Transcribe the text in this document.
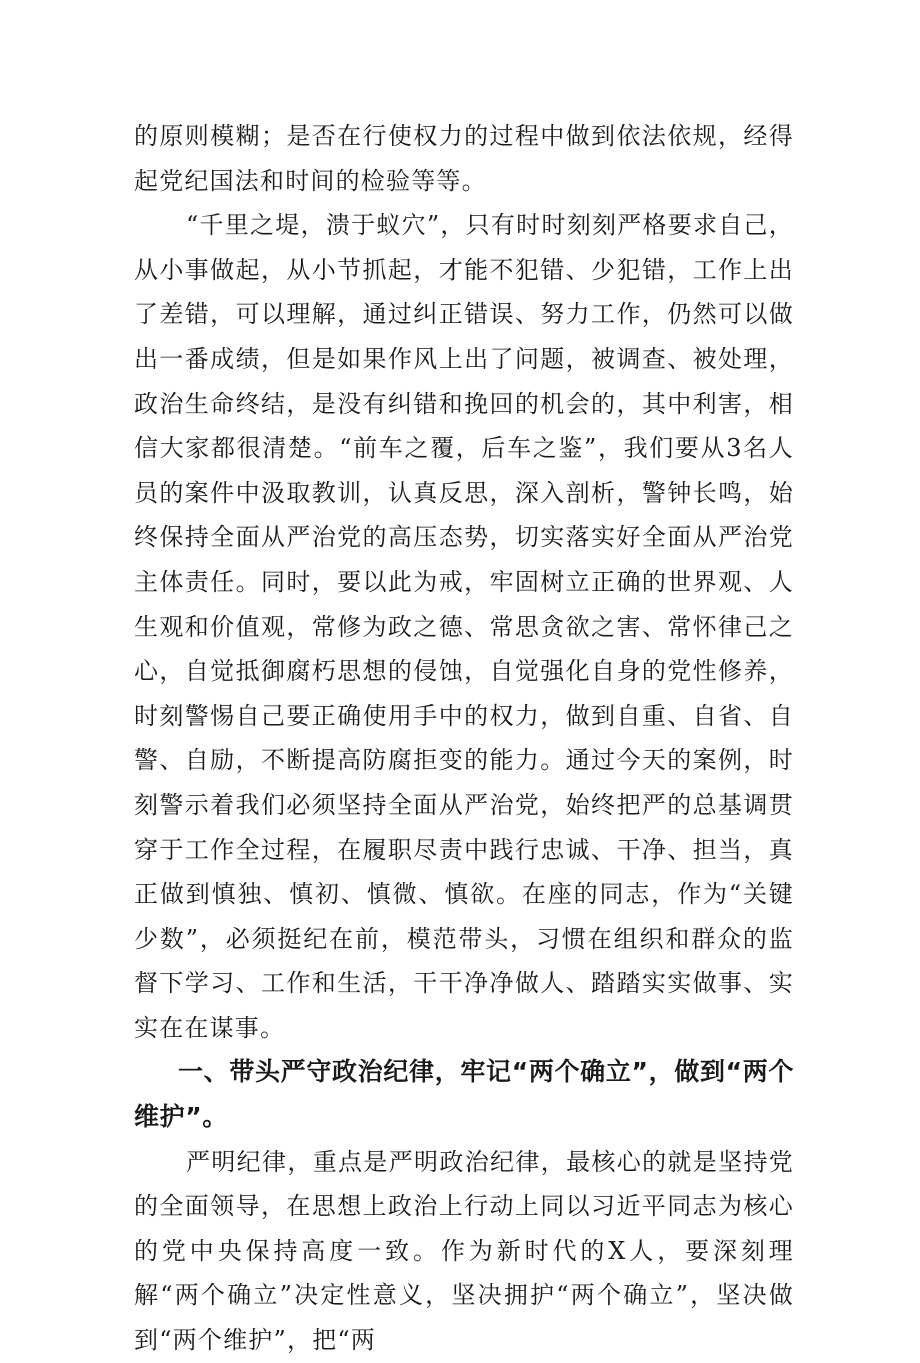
的原则模糊；是否在行使权力的过程中做到依法依规，经得起党纪国法和时间的检验等等。

“千里之堤，溃于蚁穴”，只有时时刻刻严格要求自己，从小事做起，从小节抓起，才能不犯错、少犯错，工作上出了差错，可以理解，通过纠正错误、努力工作，仍然可以做出一番成绩，但是如果作风上出了问题，被调查、被处理，政治生命终结，是没有纠错和挽回的机会的，其中利害，相信大家都很清楚。“前车之覆，后车之鉴”，我们要从3名人员的案件中汲取教训，认真反思，深入剖析，警钟长鸣，始终保持全面从严治党的高压态势，切实落实好全面从严治党主体责任。同时，要以此为戒，牢固树立正确的世界观、人生观和价值观，常修为政之德、常思贪欲之害、常怀律己之心，自觉抵御腐朽思想的侵蚀，自觉强化自身的党性修养，时刻警惕自己要正确使用手中的权力，做到自重、自省、自警、自励，不断提高防腐拒变的能力。通过今天的案例，时刻警示着我们必须坚持全面从严治党，始终把严的总基调贯穿于工作全过程，在履职尽责中践行忠诚、干净、担当，真正做到慎独、慎初、慎微、慎欲。在座的同志，作为“关键少数”，必须挺纪在前，模范带头，习惯在组织和群众的监督下学习、工作和生活，干干净净做人、踏踏实实做事、实实在在谋事。

一、带头严守政治纪律，牢记“两个确立”，做到“两个维护”。

严明纪律，重点是严明政治纪律，最核心的就是坚持党的全面领导，在思想上政治上行动上同以习近平同志为核心的党中央保持高度一致。作为新时代的X人，要深刻理解“两个确立”决定性意义，坚决拥护“两个确立”，坚决做到“两个维护”，把“两
